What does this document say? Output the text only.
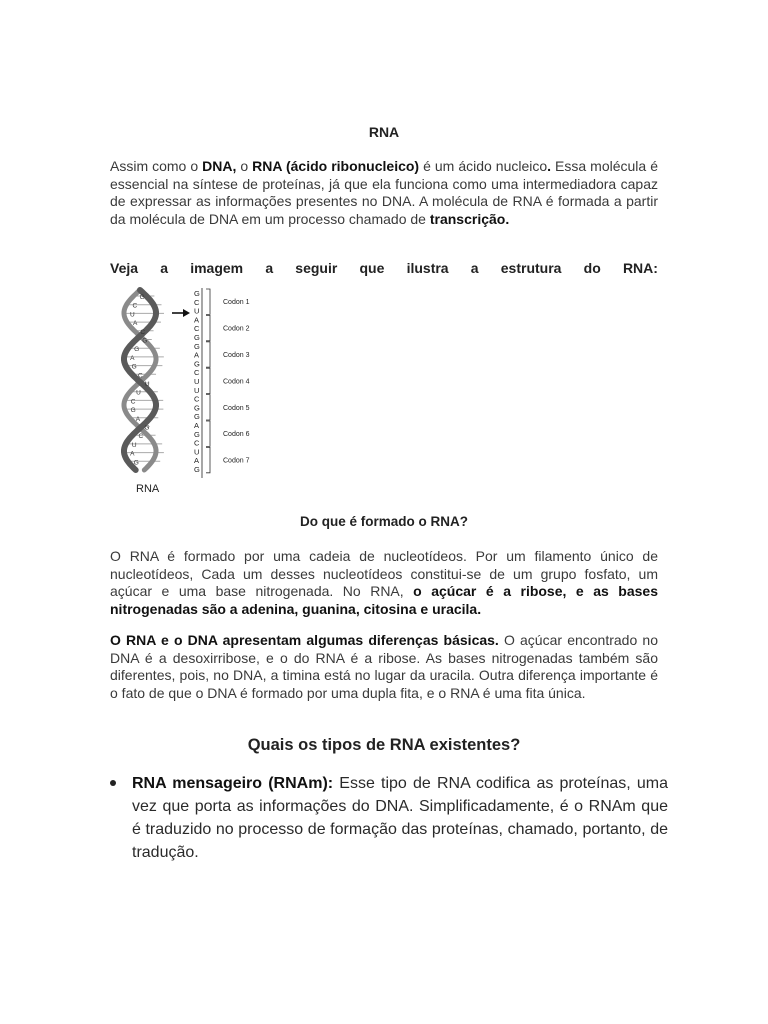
RNA
Assim como o DNA, o RNA (ácido ribonucleico) é um ácido nucleico. Essa molécula é essencial na síntese de proteínas, já que ela funciona como uma intermediadora capaz de expressar as informações presentes no DNA. A molécula de RNA é formada a partir da molécula de DNA em um processo chamado de transcrição.
Veja a imagem a seguir que ilustra a estrutura do RNA:
G
C
U
A
C
G
G
A
G
C
U
U
C
G
A
G
C
U
A
G
G
C
U
A
C
G
G
A
G
C
U
U
C
G
G
A
G
C
U
A
G
Codon 1
Codon 2
Codon 3
Codon 4
Codon 5
Codon 6
Codon 7
RNA
Do que é formado o RNA?
O RNA é formado por uma cadeia de nucleotídeos. Por um filamento único de nucleotídeos, Cada um desses nucleotídeos constitui-se de um grupo fosfato, um açúcar e uma base nitrogenada. No RNA, o açúcar é a ribose, e as bases nitrogenadas são a adenina, guanina, citosina e uracila.
O RNA e o DNA apresentam algumas diferenças básicas. O açúcar encontrado no DNA é a desoxirribose, e o do RNA é a ribose. As bases nitrogenadas também são diferentes, pois, no DNA, a timina está no lugar da uracila. Outra diferença importante é o fato de que o DNA é formado por uma dupla fita, e o RNA é uma fita única.
Quais os tipos de RNA existentes?
RNA mensageiro (RNAm): Esse tipo de RNA codifica as proteínas, uma vez que porta as informações do DNA. Simplificadamente, é o RNAm que é traduzido no processo de formação das proteínas, chamado, portanto, de tradução.
